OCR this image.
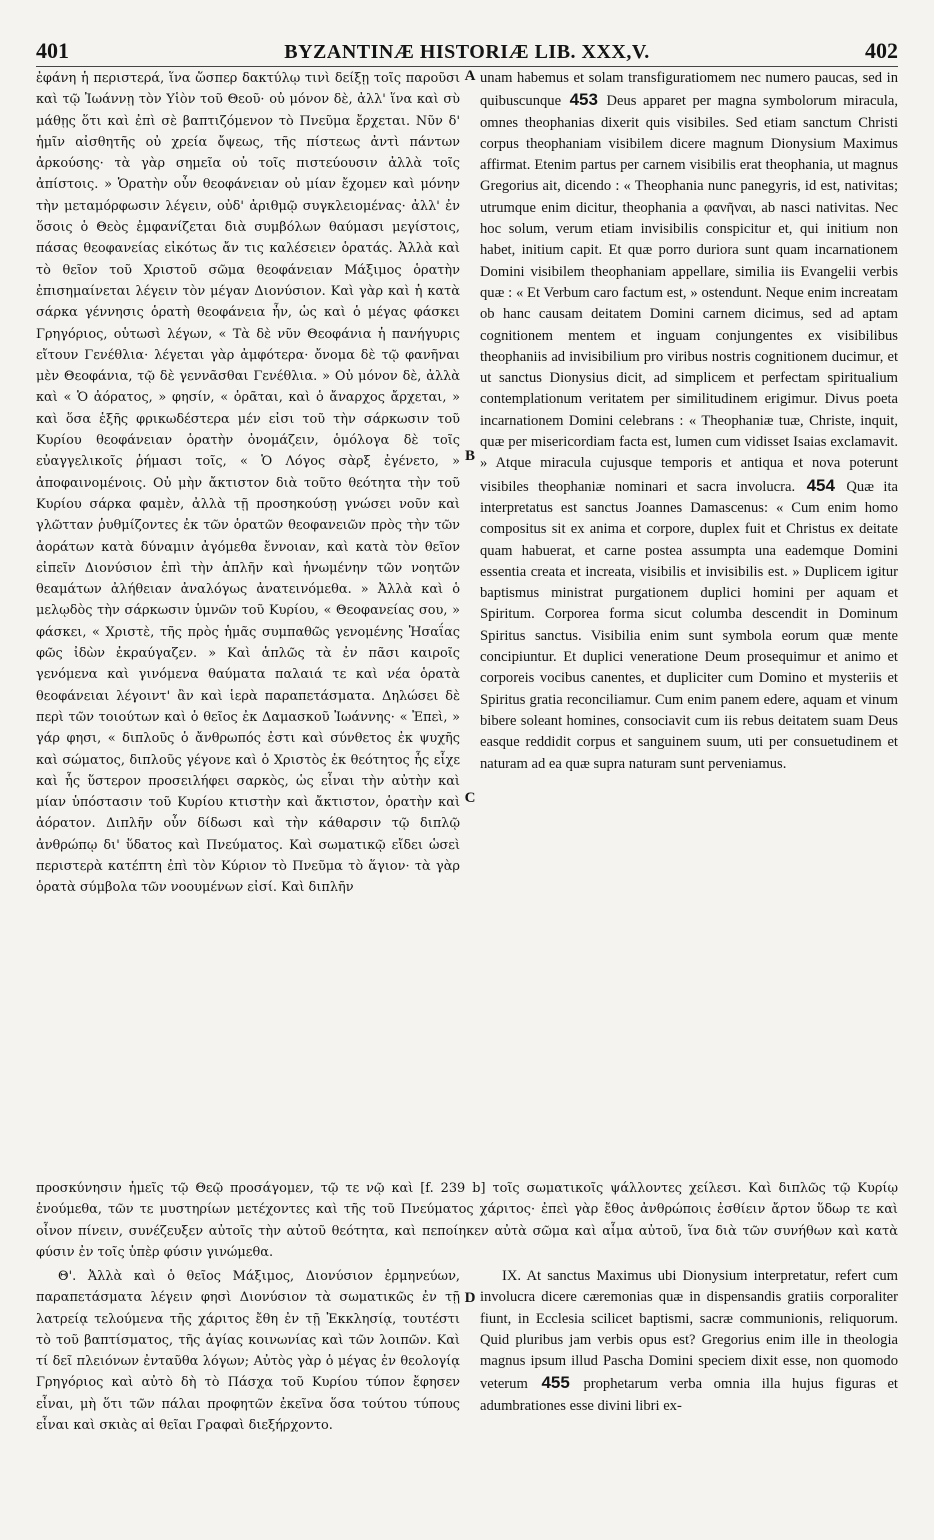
401	BYZANTINÆ HISTORIÆ LIB. XXX,V.	402

ἐφάνη ἡ περιστερά, ἵνα ὥσπερ δακτύλῳ τινὶ δείξῃ τοῖς παροῦσι καὶ τῷ Ἰωάννῃ τὸν Υἱὸν τοῦ Θεοῦ· οὐ μόνον δὲ, ἀλλ' ἵνα καὶ σὺ μάθῃς ὅτι καὶ ἐπὶ σὲ βαπτιζόμενον τὸ Πνεῦμα ἔρχεται. Νῦν δ' ἡμῖν αἰσθητῆς οὐ χρεία ὄψεως, τῆς πίστεως ἀντὶ πάντων ἀρκούσης· τὰ γὰρ σημεῖα οὐ τοῖς πιστεύουσιν ἀλλὰ τοῖς ἀπίστοις. » Ὁρατὴν οὖν θεοφάνειαν οὐ μίαν ἔχομεν καὶ μόνην τὴν μεταμόρφωσιν λέγειν, οὐδ' ἀριθμῷ συγκλειομένας· ἀλλ' ἐν ὅσοις ὁ Θεὸς ἐμφανίζεται διὰ συμβόλων θαύμασι μεγίστοις, πάσας θεοφανείας εἰκότως ἄν τις καλέσειεν ὁρατάς. Ἀλλὰ καὶ τὸ θεῖον τοῦ Χριστοῦ σῶμα θεοφάνειαν Μάξιμος ὁρατὴν ἐπισημαίνεται λέγειν τὸν μέγαν Διονύσιον. Καὶ γὰρ καὶ ἡ κατὰ σάρκα γέννησις ὁρατὴ θεοφάνεια ἦν, ὡς καὶ ὁ μέγας φάσκει Γρηγόριος, οὑτωσὶ λέγων, « Τὰ δὲ νῦν Θεοφάνια ἡ πανήγυρις εἴτουν Γενέθλια· λέγεται γὰρ ἀμφότερα· ὄνομα δὲ τῷ φανῆναι μὲν Θεοφάνια, τῷ δὲ γεννᾶσθαι Γενέθλια. » Οὐ μόνον δὲ, ἀλλὰ καὶ « Ὁ ἀόρατος, » φησίν, « ὁρᾶται, καὶ ὁ ἄναρχος ἄρχεται, » καὶ ὅσα ἑξῆς φρικωδέστερα μέν εἰσι τοῦ τὴν σάρκωσιν τοῦ Κυρίου θεοφάνειαν ὁρατὴν ὀνομάζειν, ὁμόλογα δὲ τοῖς εὐαγγελικοῖς ῥήμασι τοῖς, « Ὁ Λόγος σὰρξ ἐγένετο, » ἀποφαινομένοις. Οὐ μὴν ἄκτιστον διὰ τοῦτο θεότητα τὴν τοῦ Κυρίου σάρκα φαμὲν, ἀλλὰ τῇ προσηκούσῃ γνώσει νοῦν καὶ γλῶτταν ῥυθμίζοντες ἐκ τῶν ὁρατῶν θεοφανειῶν πρὸς τὴν τῶν ἀοράτων κατὰ δύναμιν ἀγόμεθα ἔννοιαν, καὶ κατὰ τὸν θεῖον εἰπεῖν Διονύσιον ἐπὶ τὴν ἁπλῆν καὶ ἡνωμένην τῶν νοητῶν θεαμάτων ἀλήθειαν ἀναλόγως ἀνατεινόμεθα. » Ἀλλὰ καὶ ὁ μελῳδὸς τὴν σάρκωσιν ὑμνῶν τοῦ Κυρίου, « Θεοφανείας σου, » φάσκει, « Χριστὲ, τῆς πρὸς ἡμᾶς συμπαθῶς γενομένης Ἡσαΐας φῶς ἰδὼν ἐκραύγαζεν. » Καὶ ἁπλῶς τὰ ἐν πᾶσι καιροῖς γενόμενα καὶ γινόμενα θαύματα παλαιά τε καὶ νέα ὁρατὰ θεοφάνειαι λέγοιντ' ἂν καὶ ἱερὰ παραπετάσματα. Δηλώσει δὲ περὶ τῶν τοιούτων καὶ ὁ θεῖος ἐκ Δαμασκοῦ Ἰωάννης· « Ἐπεὶ, » γάρ φησι, « διπλοῦς ὁ ἄνθρωπός ἐστι καὶ σύνθετος ἐκ ψυχῆς καὶ σώματος, διπλοῦς γέγονε καὶ ὁ Χριστὸς ἐκ θεότητος ἧς εἶχε καὶ ἧς ὕστερον προσειλήφει σαρκὸς, ὡς εἶναι τὴν αὐτὴν καὶ μίαν ὑπόστασιν τοῦ Κυρίου κτιστὴν καὶ ἄκτιστον, ὁρατὴν καὶ ἀόρατον. Διπλῆν οὖν δίδωσι καὶ τὴν κάθαρσιν τῷ διπλῷ ἀνθρώπῳ δι' ὕδατος καὶ Πνεύματος. Καὶ σωματικῷ εἴδει ὡσεὶ περιστερὰ κατέπτη ἐπὶ τὸν Κύριον τὸ Πνεῦμα τὸ ἅγιον· τὰ γὰρ ὁρατὰ σύμβολα τῶν νοουμένων εἰσί. Καὶ διπλῆν

A
B
C
D

unam habemus et solam transfiguratiomem nec numero paucas, sed in quibuscunque 453 Deus apparet per magna symbolorum miracula, omnes theophanias dixerit quis visibiles. Sed etiam sanctum Christi corpus theophaniam visibilem dicere magnum Dionysium Maximus affirmat. Etenim partus per carnem visibilis erat theophania, ut magnus Gregorius ait, dicendo : « Theophania nunc panegyris, id est, nativitas; utrumque enim dicitur, theophania a φανῆναι, ab nasci nativitas. Nec hoc solum, verum etiam invisibilis conspicitur et, qui initium non habet, initium capit. Et quæ porro duriora sunt quam incarnationem Domini visibilem theophaniam appellare, similia iis Evangelii verbis quæ : « Et Verbum caro factum est, » ostendunt. Neque enim increatam ob hanc causam deitatem Domini carnem dicimus, sed ad aptam cognitionem mentem et inguam conjungentes ex visibilibus theophaniis ad invisibilium pro viribus nostris cognitionem ducimur, et ut sanctus Dionysius dicit, ad simplicem et perfectam spiritualium contemplationum veritatem per similitudinem erigimur. Divus poeta incarnationem Domini celebrans : « Theophaniæ tuæ, Christe, inquit, quæ per misericordiam facta est, lumen cum vidisset Isaias exclamavit. » Atque miracula cujusque temporis et antiqua et nova poterunt visibiles theophaniæ nominari et sacra involucra. 454 Quæ ita interpretatus est sanctus Joannes Damascenus: « Cum enim homo compositus sit ex anima et corpore, duplex fuit et Christus ex deitate quam habuerat, et carne postea assumpta una eademque Domini essentia creata et increata, visibilis et invisibilis est. » Duplicem igitur baptismus ministrat purgationem duplici homini per aquam et Spiritum. Corporea forma sicut columba descendit in Dominum Spiritus sanctus. Visibilia enim sunt symbola eorum quæ mente concipiuntur. Et duplici veneratione Deum prosequimur et animo et corporeis vocibus canentes, et dupliciter cum Domino et mysteriis et Spiritus gratia reconciliamur. Cum enim panem edere, aquam et vinum bibere soleant homines, consociavit cum iis rebus deitatem suam Deus easque reddidit corpus et sanguinem suum, uti per consuetudinem et naturam ad ea quæ supra naturam sunt perveniamus.

προσκύνησιν ἡμεῖς τῷ Θεῷ προσάγομεν, τῷ τε νῷ καὶ [f. 239 b] τοῖς σωματικοῖς ψάλλοντες χείλεσι. Καὶ διπλῶς τῷ Κυρίῳ ἑνούμεθα, τῶν τε μυστηρίων μετέχοντες καὶ τῆς τοῦ Πνεύματος χάριτος· ἐπεὶ γὰρ ἔθος ἀνθρώποις ἐσθίειν ἄρτον ὕδωρ τε καὶ οἶνον πίνειν, συνέζευξεν αὐτοῖς τὴν αὐτοῦ θεότητα, καὶ πεποίηκεν αὐτὰ σῶμα καὶ αἷμα αὐτοῦ, ἵνα διὰ τῶν συνήθων καὶ κατὰ φύσιν ἐν τοῖς ὑπὲρ φύσιν γινώμεθα.

Θ'. Ἀλλὰ καὶ ὁ θεῖος Μάξιμος, Διονύσιον ἑρμηνεύων, παραπετάσματα λέγειν φησὶ Διονύσιον τὰ σωματικῶς ἐν τῇ λατρείᾳ τελούμενα τῆς χάριτος ἔθη ἐν τῇ Ἐκκλησίᾳ, τουτέστι τὸ τοῦ βαπτίσματος, τῆς ἁγίας κοινωνίας καὶ τῶν λοιπῶν. Καὶ τί δεῖ πλειόνων ἐνταῦθα λόγων; Αὐτὸς γὰρ ὁ μέγας ἐν θεολογίᾳ Γρηγόριος καὶ αὐτὸ δὴ τὸ Πάσχα τοῦ Κυρίου τύπον ἔφησεν εἶναι, μὴ ὅτι τῶν πάλαι προφητῶν ἐκεῖνα ὅσα τούτου τύπους εἶναι καὶ σκιὰς αἱ θεῖαι Γραφαὶ διεξήρχοντο.

IX. At sanctus Maximus ubi Dionysium interpretatur, refert cum involucra dicere cæremonias quæ in dispensandis gratiis corporaliter fiunt, in Ecclesia scilicet baptismi, sacræ communionis, reliquorum. Quid pluribus jam verbis opus est? Gregorius enim ille in theologia magnus ipsum illud Pascha Domini speciem dixit esse, non quomodo veterum 455 prophetarum verba omnia illa hujus figuras et adumbrationes esse divini libri ex-
